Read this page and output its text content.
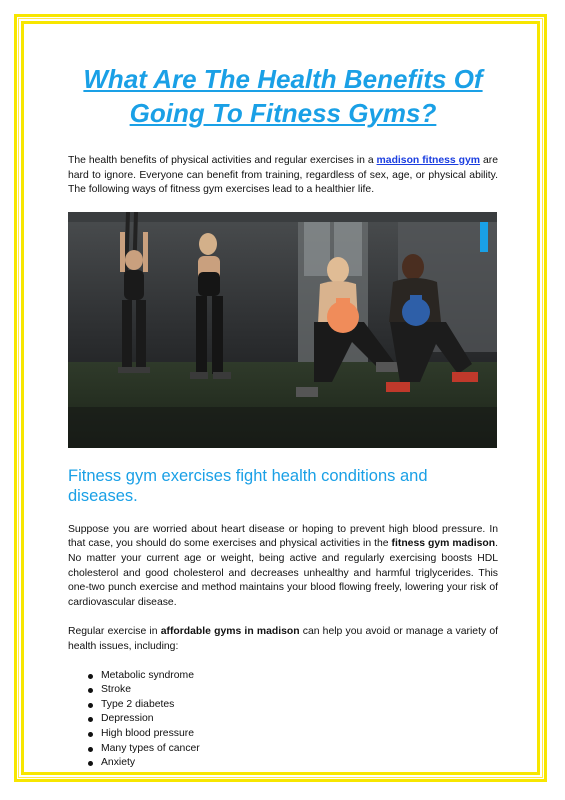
What Are The Health Benefits Of Going To Fitness Gyms?

The health benefits of physical activities and regular exercises in a madison fitness gym are hard to ignore. Everyone can benefit from training, regardless of sex, age, or physical ability. The following ways of fitness gym exercises lead to a healthier life.

Fitness gym exercises fight health conditions and diseases.

Suppose you are worried about heart disease or hoping to prevent high blood pressure. In that case, you should do some exercises and physical activities in the fitness gym madison. No matter your current age or weight, being active and regularly exercising boosts HDL cholesterol and good cholesterol and decreases unhealthy and harmful triglycerides. This one-two punch exercise and method maintains your blood flowing freely, lowering your risk of cardiovascular disease.

Regular exercise in affordable gyms in madison can help you avoid or manage a variety of health issues, including:

Metabolic syndrome
Stroke
Type 2 diabetes
Depression
High blood pressure
Many types of cancer
Anxiety
